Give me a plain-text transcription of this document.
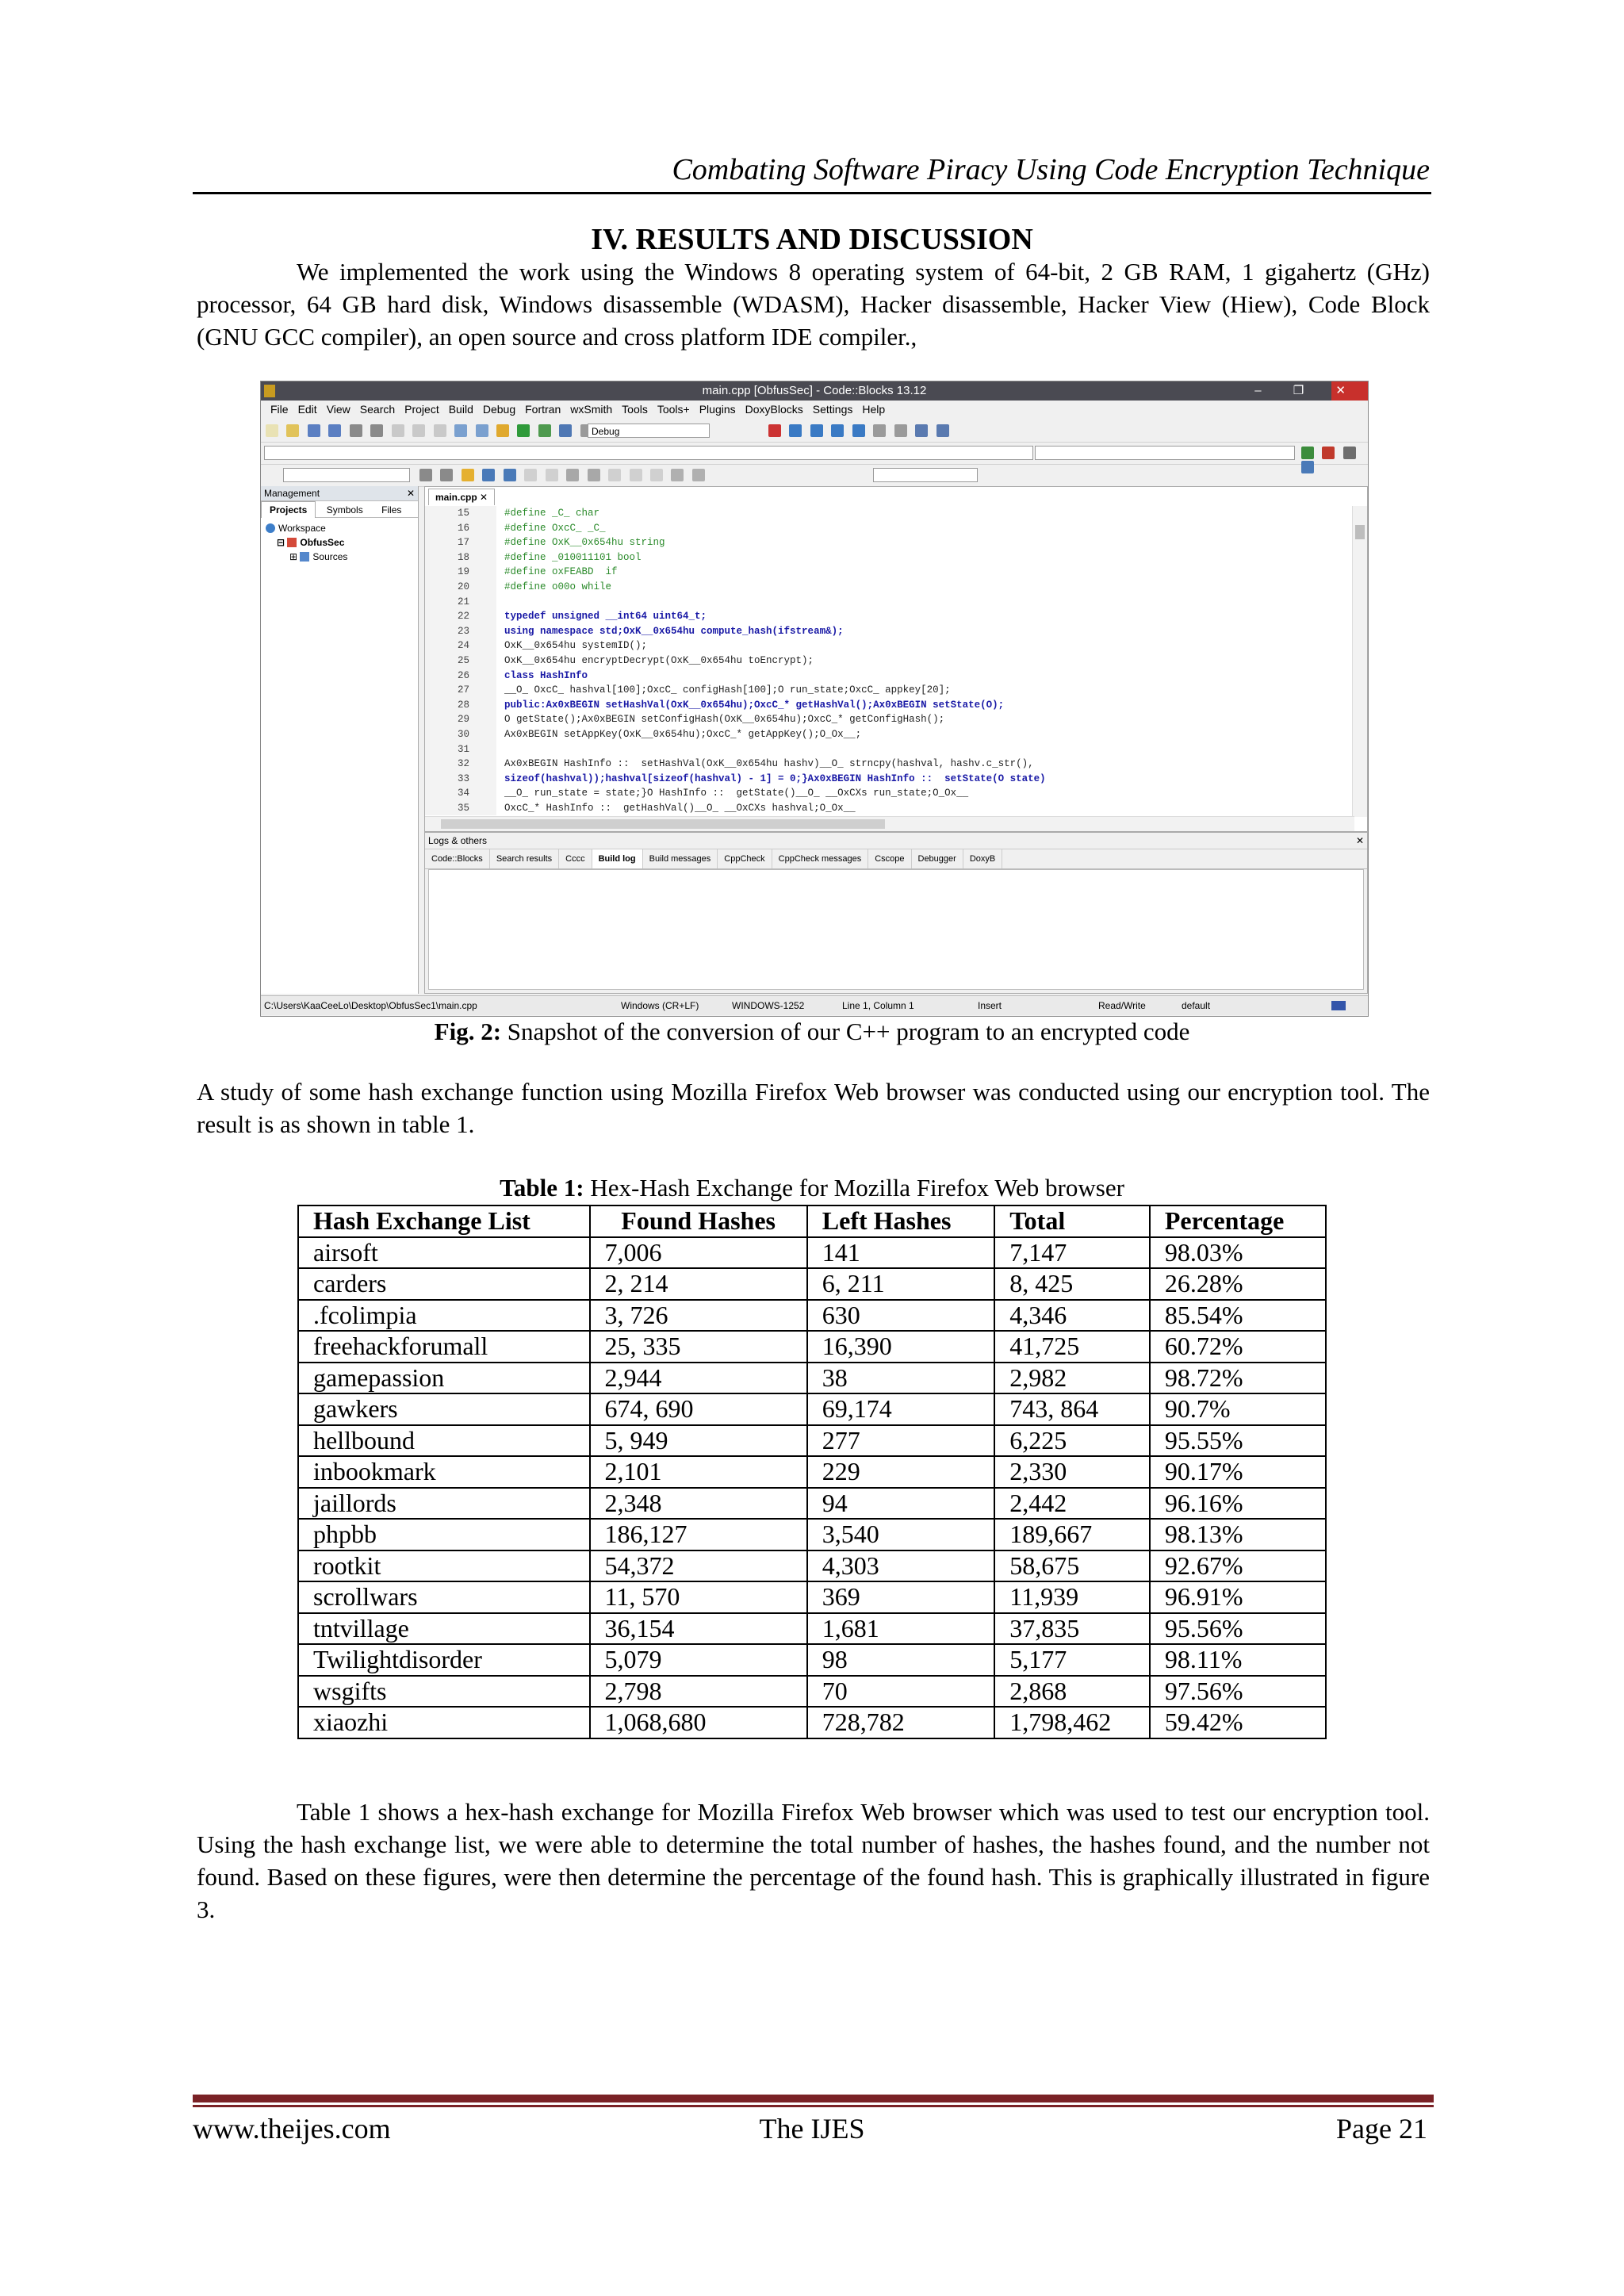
Combating Software Piracy Using Code Encryption Technique
IV. RESULTS AND DISCUSSION
We implemented the work using the Windows 8 operating system of 64-bit, 2 GB RAM, 1 gigahertz (GHz) processor, 64 GB hard disk, Windows disassemble (WDASM), Hacker disassemble, Hacker View (Hiew), Code Block (GNU GCC compiler), an open source and cross platform IDE compiler.,
main.cpp [ObfusSec] - Code::Blocks 13.12	– ❐ ✕
File Edit View Search Project Build Debug Fortran wxSmith Tools Tools+ Plugins DoxyBlocks Settings Help

Debug

Management	✕
Projects Symbols Files
Workspace
⊟ ObfusSec
⊞ Sources
main.cpp ✕
15
16
17
18
19
20
21
22
23
24
25
26
27
28
29
30
31
32
33
34
35
#define _C_ char
#define OxcC_ _C_
#define OxK__0x654hu string
#define _010011101 bool
#define oxFEABD  if
#define o00o while
typedef unsigned __int64 uint64_t;
using namespace std;OxK__0x654hu compute_hash(ifstream&);
OxK__0x654hu systemID();
OxK__0x654hu encryptDecrypt(OxK__0x654hu toEncrypt);
class HashInfo
__O_ OxcC_ hashval[100];OxcC_ configHash[100];O run_state;OxcC_ appkey[20];
public:Ax0xBEGIN setHashVal(OxK__0x654hu);OxcC_* getHashVal();Ax0xBEGIN setState(O);
O getState();Ax0xBEGIN setConfigHash(OxK__0x654hu);OxcC_* getConfigHash();
Ax0xBEGIN setAppKey(OxK__0x654hu);OxcC_* getAppKey();O_Ox__;
Ax0xBEGIN HashInfo ::  setHashVal(OxK__0x654hu hashv)__O_ strncpy(hashval, hashv.c_str(),
sizeof(hashval));hashval[sizeof(hashval) - 1] = 0;}Ax0xBEGIN HashInfo ::  setState(O state)
__O_ run_state = state;}O HashInfo ::  getState()__O_ __OxCXs run_state;O_Ox__
OxcC_* HashInfo ::  getHashVal()__O_ __OxCXs hashval;O_Ox__
Logs & others	✕
Code::Blocks Search results Cccc Build log Build messages CppCheck CppCheck messages Cscope Debugger DoxyB
C:\Users\KaaCeeLo\Desktop\ObfusSec1\main.cpp	Windows (CR+LF)	WINDOWS-1252	Line 1, Column 1	Insert	Read/Write	default
Fig. 2: Snapshot of the conversion of our C++ program to an encrypted code
A study of some hash exchange function using Mozilla Firefox Web browser was conducted using our encryption tool. The result is as shown in table 1.
Table 1: Hex-Hash Exchange for Mozilla Firefox Web browser
Hash Exchange List	Found Hashes	Left Hashes	Total	Percentage
airsoft	7,006	141	7,147	98.03%
carders	2, 214	6, 211	8, 425	26.28%
.fcolimpia	3, 726	630	4,346	85.54%
freehackforumall	25, 335	16,390	41,725	60.72%
gamepassion	2,944	38	2,982	98.72%
gawkers	674, 690	69,174	743, 864	90.7%
hellbound	5, 949	277	6,225	95.55%
inbookmark	2,101	229	2,330	90.17%
jaillords	2,348	94	2,442	96.16%
phpbb	186,127	3,540	189,667	98.13%
rootkit	54,372	4,303	58,675	92.67%
scrollwars	11, 570	369	11,939	96.91%
tntvillage	36,154	1,681	37,835	95.56%
Twilightdisorder	5,079	98	5,177	98.11%
wsgifts	2,798	70	2,868	97.56%
xiaozhi	1,068,680	728,782	1,798,462	59.42%
Table 1 shows a hex-hash exchange for Mozilla Firefox Web browser which was used to test our encryption tool. Using the hash exchange list, we were able to determine the total number of hashes, the hashes found, and the number not found. Based on these figures, were then determine the percentage of the found hash. This is graphically illustrated in figure 3.
www.theijes.com	The IJES	Page 21
